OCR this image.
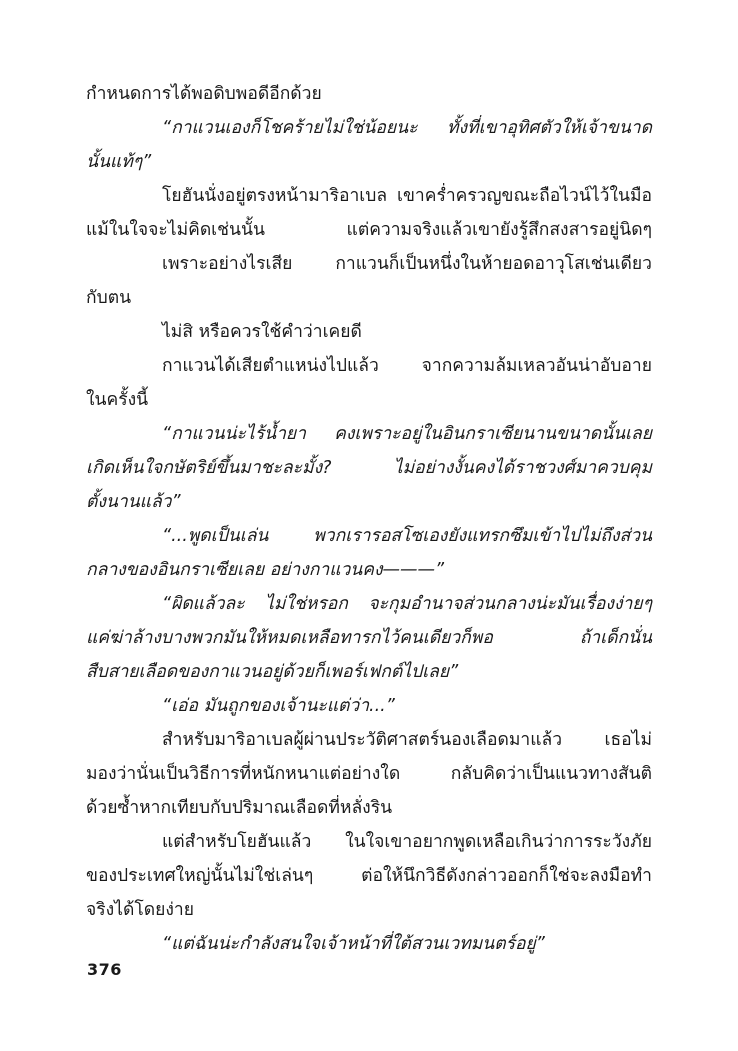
กำหนดการได้พอดิบพอดีอีกด้วย
“กาแวนเองก็โชคร้ายไม่ใช่น้อยนะ ทั้งที่เขาอุทิศตัวให้เจ้าขนาด
นั้นแท้ๆ”
โยฮันนั่งอยู่ตรงหน้ามาริอาเบล เขาคร่ำครวญขณะถือไวน์ไว้ในมือ
แม้ในใจจะไม่คิดเช่นนั้น แต่ความจริงแล้วเขายังรู้สึกสงสารอยู่นิดๆ
เพราะอย่างไรเสีย กาแวนก็เป็นหนึ่งในห้ายอดอาวุโสเช่นเดียว
กับตน
ไม่สิ หรือควรใช้คำว่าเคยดี
กาแวนได้เสียตำแหน่งไปแล้ว จากความล้มเหลวอันน่าอับอาย
ในครั้งนี้
“กาแวนน่ะไร้น้ำยา คงเพราะอยู่ในอินกราเซียนานขนาดนั้นเลย
เกิดเห็นใจกษัตริย์ขึ้นมาชะละมั้ง? ไม่อย่างงั้นคงได้ราชวงศ์มาควบคุม
ตั้งนานแล้ว”
“...พูดเป็นเล่น พวกเรารอสโซเองยังแทรกซึมเข้าไปไม่ถึงส่วน
กลางของอินกราเซียเลย อย่างกาแวนคง———”
“ผิดแล้วละ ไม่ใช่หรอก จะกุมอำนาจส่วนกลางน่ะมันเรื่องง่ายๆ
แค่ฆ่าล้างบางพวกมันให้หมดเหลือทารกไว้คนเดียวก็พอ ถ้าเด็กนั่น
สืบสายเลือดของกาแวนอยู่ด้วยก็เพอร์เฟกต์ไปเลย”
“เอ่อ มันถูกของเจ้านะแต่ว่า...”
สำหรับมาริอาเบลผู้ผ่านประวัติศาสตร์นองเลือดมาแล้ว เธอไม่
มองว่านั่นเป็นวิธีการที่หนักหนาแต่อย่างใด กลับคิดว่าเป็นแนวทางสันติ
ด้วยซ้ำหากเทียบกับปริมาณเลือดที่หลั่งริน
แต่สำหรับโยฮันแล้ว ในใจเขาอยากพูดเหลือเกินว่าการระวังภัย
ของประเทศใหญ่นั้นไม่ใช่เล่นๆ ต่อให้นึกวิธีดังกล่าวออกก็ใช่จะลงมือทำ
จริงได้โดยง่าย
“แต่ฉันน่ะกำลังสนใจเจ้าหน้าที่ใต้สวนเวทมนตร์อยู่”
376
